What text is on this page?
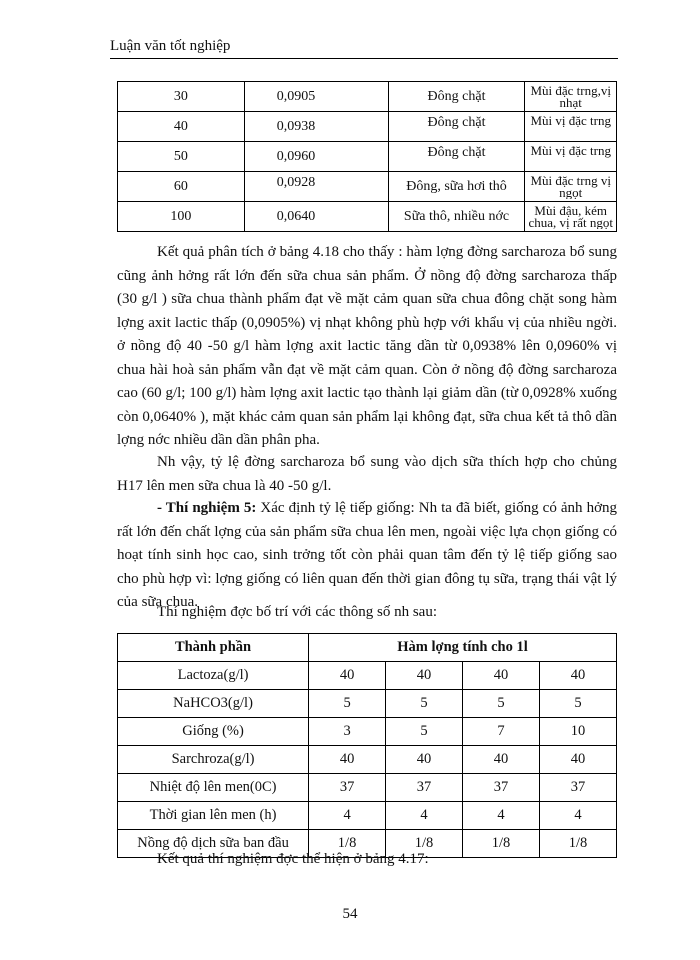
Luận văn tốt nghiệp
30	0,0905	Đông chặt	Mùi đặc trng,vị nhạt

40	0,0938	Đông chặt	Mùi vị đặc trng

50	0,0960	Đông chặt	Mùi vị đặc trng

60	0,0928	Đông, sữa hơi thô	Mùi đặc trng vị ngọt

100	0,0640	Sữa thô, nhiều nớc	Mùi đậu, kém chua, vị rất ngọt

Kết quả phân tích ở bảng 4.18 cho thấy : hàm lợng đờng sarcharoza bổ sung cũng ảnh hởng rất lớn đến sữa chua sản phẩm. Ở nồng độ đờng sarcharoza thấp (30 g/l ) sữa chua thành phẩm đạt về mặt cảm quan sữa chua đông chặt song hàm lợng axit lactic thấp (0,0905%) vị nhạt không phù hợp với khẩu vị của nhiều ngời. ở nồng độ 40 -50 g/l hàm lợng axit lactic tăng dần từ 0,0938% lên 0,0960% vị chua hài hoà sản phẩm vẫn đạt về mặt cảm quan. Còn ở nồng độ đờng sarcharoza cao (60 g/l; 100 g/l) hàm lợng axit lactic tạo thành lại giảm dần (từ 0,0928% xuống còn 0,0640% ), mặt khác cảm quan sản phẩm lại không đạt, sữa chua kết tả thô dần lợng nớc nhiều dần dần phân pha.

Nh vậy, tỷ lệ đờng sarcharoza bổ sung vào dịch sữa thích hợp cho chủng H17 lên men sữa chua là 40 -50 g/l.

- Thí nghiệm 5: Xác định tỷ lệ tiếp giống: Nh ta đã biết, giống có ảnh hởng rất lớn đến chất lợng của sản phẩm sữa chua lên men, ngoài việc lựa chọn giống có hoạt tính sinh học cao, sinh trởng tốt còn phải quan tâm đến tỷ lệ tiếp giống sao cho phù hợp vì: lợng giống có liên quan đến thời gian đông tụ sữa, trạng thái vật lý của sữa chua.

Thí nghiệm đợc bố trí với các thông số nh sau:

Thành phần	Hàm lợng tính cho 1l			
Lactoza(g/l)	40	40	40	40
NaHCO3(g/l)	5	5	5	5
Giống (%)	3	5	7	10
Sarchroza(g/l)	40	40	40	40
Nhiệt độ lên men(0C)	37	37	37	37
Thời gian lên men (h)	4	4	4	4
Nồng độ dịch sữa ban đầu	1/8	1/8	1/8	1/8

Kết quả thí nghiệm đợc thể hiện ở bảng 4.17:

54
